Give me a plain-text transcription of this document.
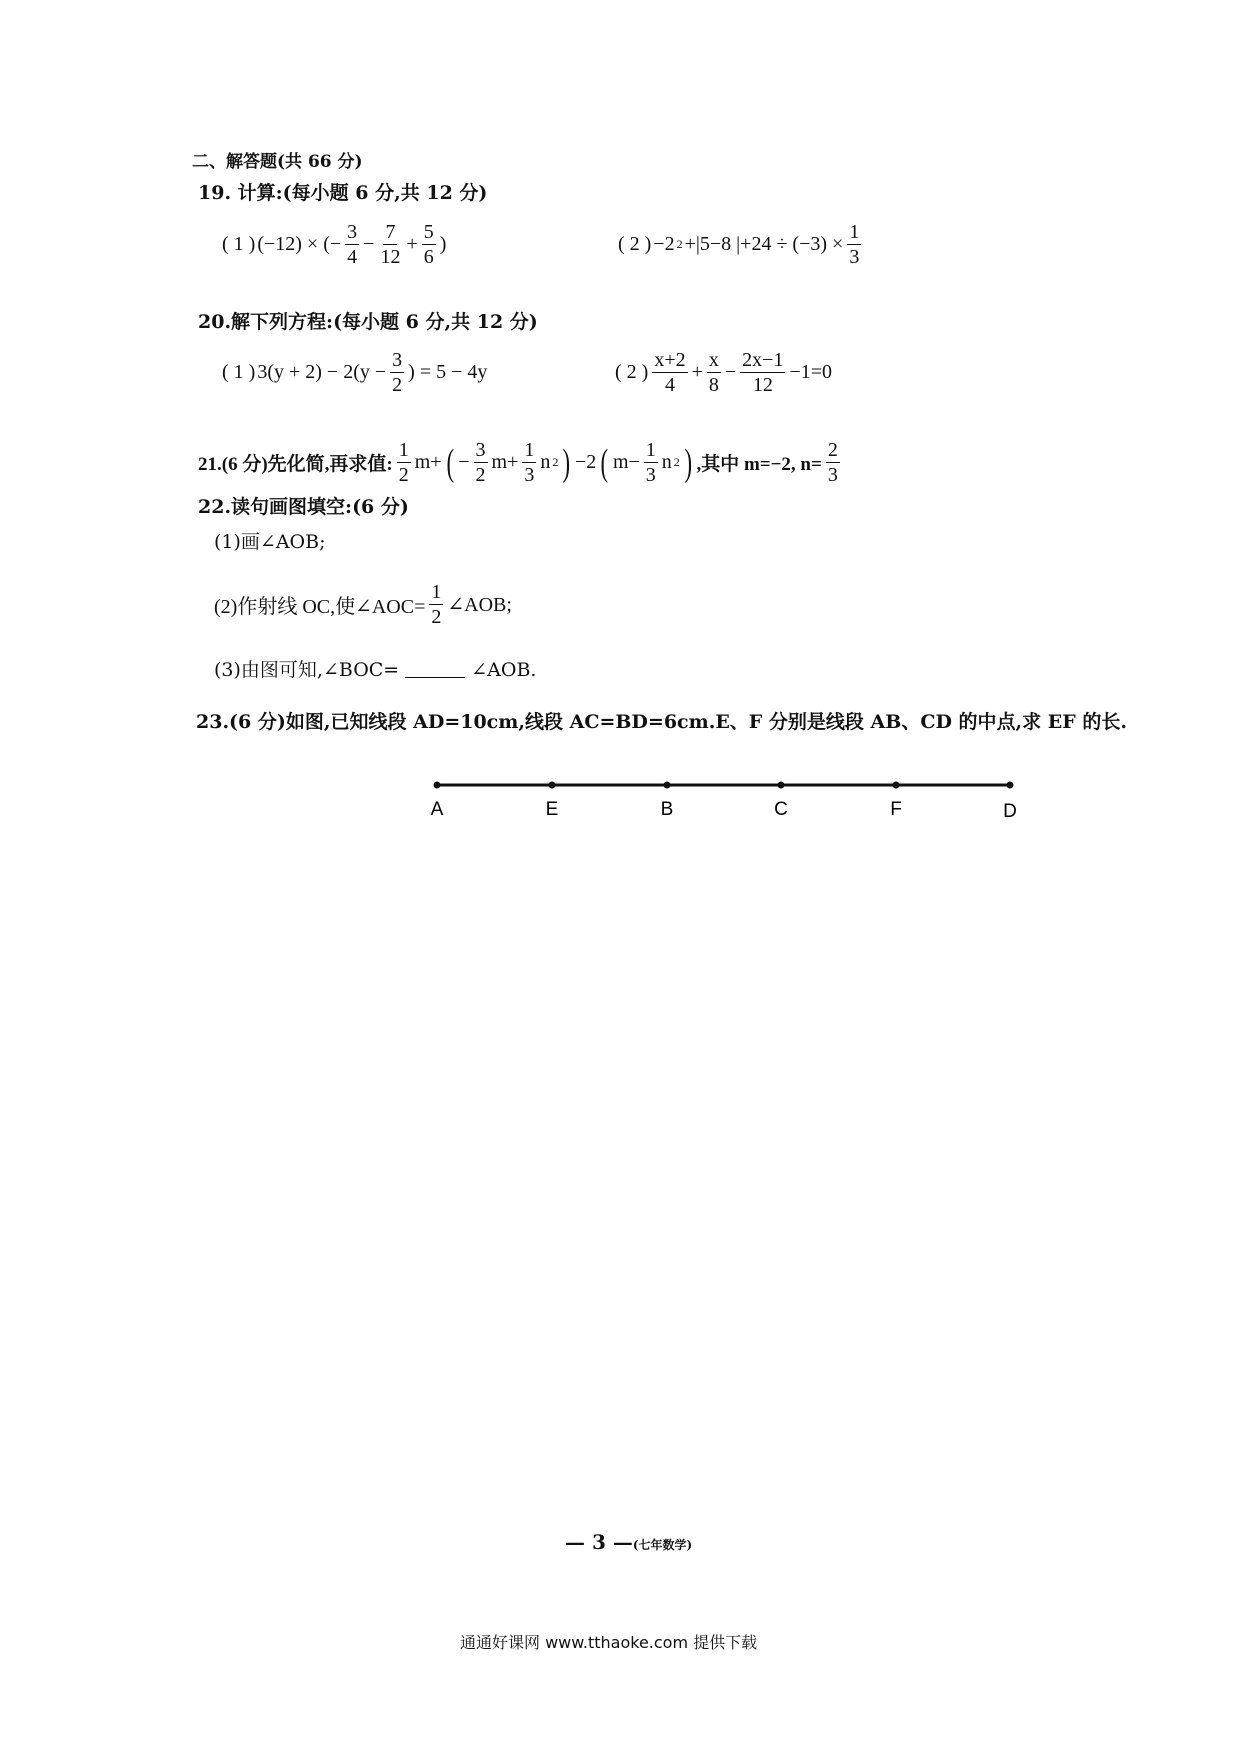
二、解答题(共 66 分)
19. 计算:(每小题 6 分,共 12 分)
( 1 ) (−12) × (− $\frac{3}{4} - \frac{7}{12} + \frac{5}{6}$ )	( 2 ) −2 2 +|5−8 $|+24 \div (-3) \times \frac{1}{3}$
20.解下列方程:(每小题 6 分,共 12 分)
( 1 ) $3(y + 2) - 2(y - \frac{3}{2}$ ) = 5 − 4y	( 2 ) $\frac{x+2}{4} + \frac{x}{8} - \frac{2x-1}{12} -1=0$
21.(6 分)先化简,再求值: $\frac{1}{2} m+$ ( − $\frac{3}{2} m+ \frac{1}{3}$ n 2 ) −2 ( $m- \frac{1}{3}$ n 2 ) ,其中 m=−2, $n= \frac{2}{3}$
22.读句画图填空:(6 分)
(1)画∠AOB;
(2)作射线 OC,使∠AOC= $\frac{1}{2}$ ∠AOB;
(3)由图可知,∠BOC=	∠AOB.
23.(6 分)如图,已知线段 AD=10cm,线段 AC=BD=6cm.E、F 分别是线段 AB、CD 的中点,求 EF 的长.
A	E	B	C	F	D
— 3 —(七年数学)
通通好课网 www.tthaoke.com 提供下载
